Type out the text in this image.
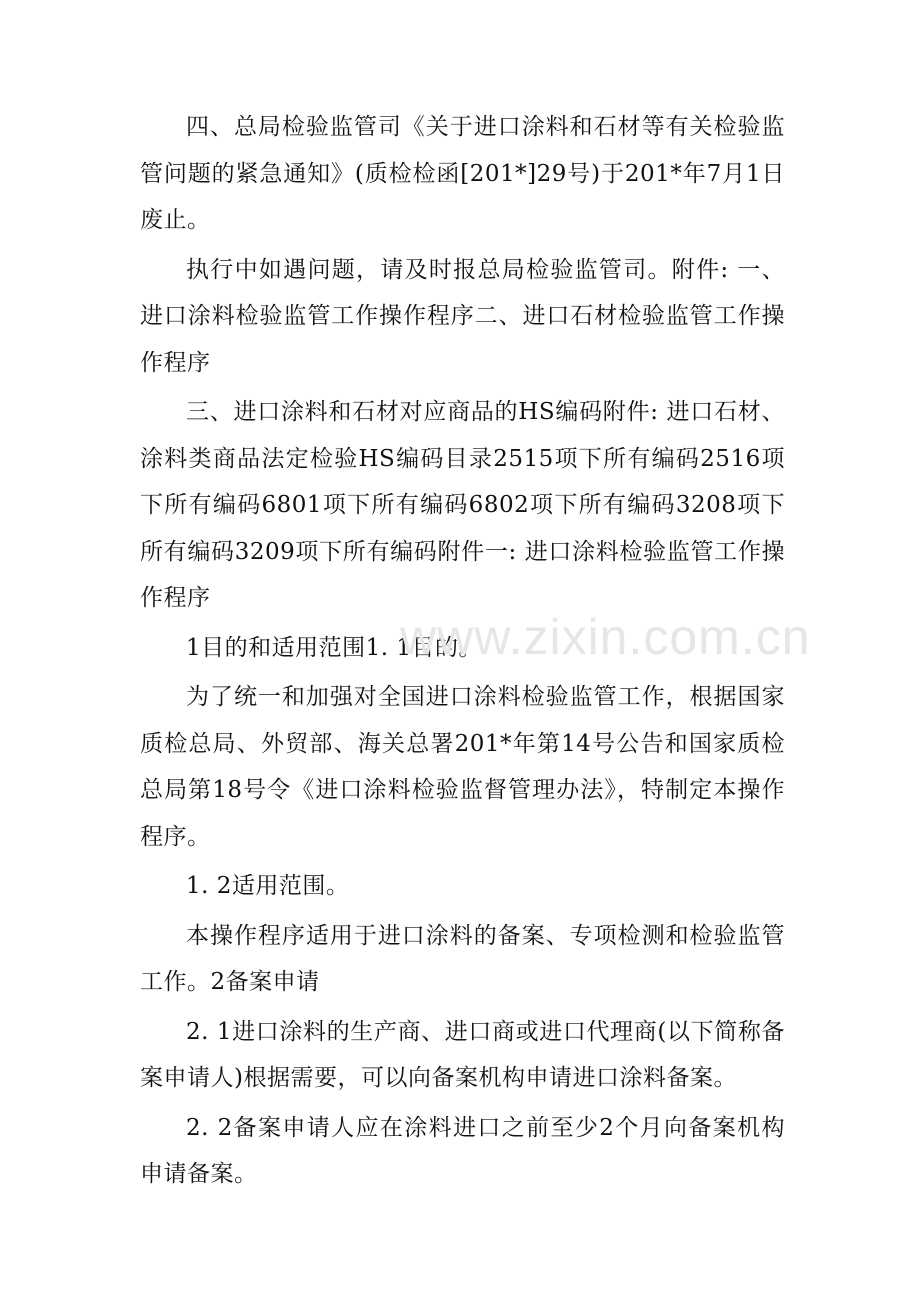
四、总局检验监管司《关于进口涂料和石材等有关检验监管问题的紧急通知》(质检检函[201*]29号)于201*年7月1日废止。

执行中如遇问题，请及时报总局检验监管司。附件: 一、进口涂料检验监管工作操作程序二、进口石材检验监管工作操作程序

三、进口涂料和石材对应商品的HS编码附件: 进口石材、涂料类商品法定检验HS编码目录2515项下所有编码2516项下所有编码6801项下所有编码6802项下所有编码3208项下所有编码3209项下所有编码附件一: 进口涂料检验监管工作操作程序

1目的和适用范围1. 1目的。

为了统一和加强对全国进口涂料检验监管工作，根据国家质检总局、外贸部、海关总署201*年第14号公告和国家质检总局第18号令《进口涂料检验监督管理办法》，特制定本操作程序。

1. 2适用范围。

本操作程序适用于进口涂料的备案、专项检测和检验监管工作。2备案申请

2. 1进口涂料的生产商、进口商或进口代理商(以下简称备案申请人)根据需要，可以向备案机构申请进口涂料备案。

2. 2备案申请人应在涂料进口之前至少2个月向备案机构申请备案。

www.zixin.com.cn
